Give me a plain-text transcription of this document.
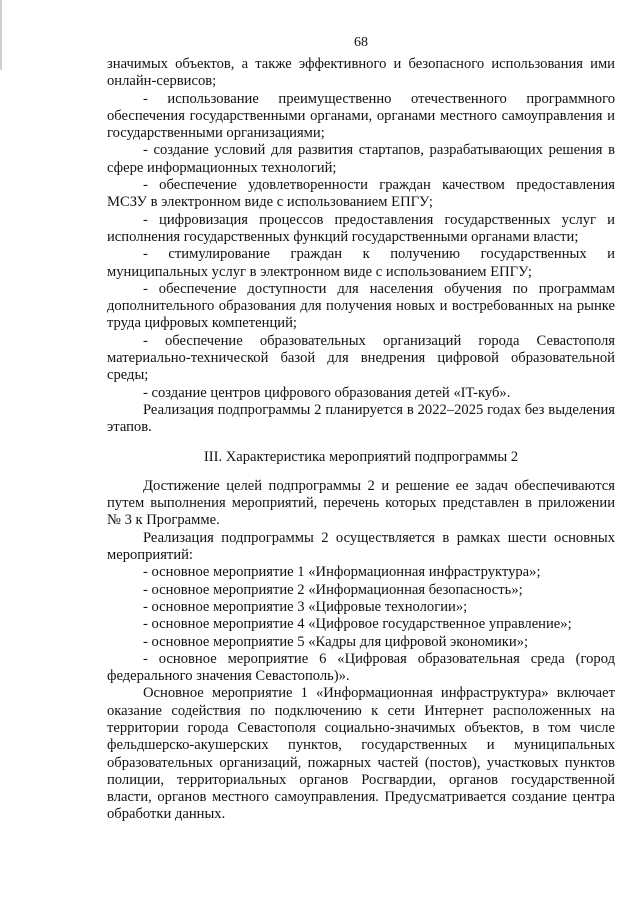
68

значимых объектов, а также эффективного и безопасного использования ими онлайн-сервисов;

- использование преимущественно отечественного программного обеспечения государственными органами, органами местного самоуправления и государственными организациями;

- создание условий для развития стартапов, разрабатывающих решения в сфере информационных технологий;

- обеспечение удовлетворенности граждан качеством предоставления МСЗУ в электронном виде с использованием ЕПГУ;

- цифровизация процессов предоставления государственных услуг и исполнения государственных функций государственными органами власти;

- стимулирование граждан к получению государственных и муниципальных услуг в электронном виде с использованием ЕПГУ;

- обеспечение доступности для населения обучения по программам дополнительного образования для получения новых и востребованных на рынке труда цифровых компетенций;

- обеспечение образовательных организаций города Севастополя материально-технической базой для внедрения цифровой образовательной среды;

- создание центров цифрового образования детей «IT-куб».

Реализация подпрограммы 2 планируется в 2022–2025 годах без выделения этапов.

III. Характеристика мероприятий подпрограммы 2

Достижение целей подпрограммы 2 и решение ее задач обеспечиваются путем выполнения мероприятий, перечень которых представлен в приложении № 3 к Программе.

Реализация подпрограммы 2 осуществляется в рамках шести основных мероприятий:

- основное мероприятие 1 «Информационная инфраструктура»;

- основное мероприятие 2 «Информационная безопасность»;

- основное мероприятие 3 «Цифровые технологии»;

- основное мероприятие 4 «Цифровое государственное управление»;

- основное мероприятие 5 «Кадры для цифровой экономики»;

- основное мероприятие 6 «Цифровая образовательная среда (город федерального значения Севастополь)».

Основное мероприятие 1 «Информационная инфраструктура» включает оказание содействия по подключению к сети Интернет расположенных на территории города Севастополя социально-значимых объектов, в том числе фельдшерско-акушерских пунктов, государственных и муниципальных образовательных организаций, пожарных частей (постов), участковых пунктов полиции, территориальных органов Росгвардии, органов государственной власти, органов местного самоуправления. Предусматривается создание центра обработки данных.
